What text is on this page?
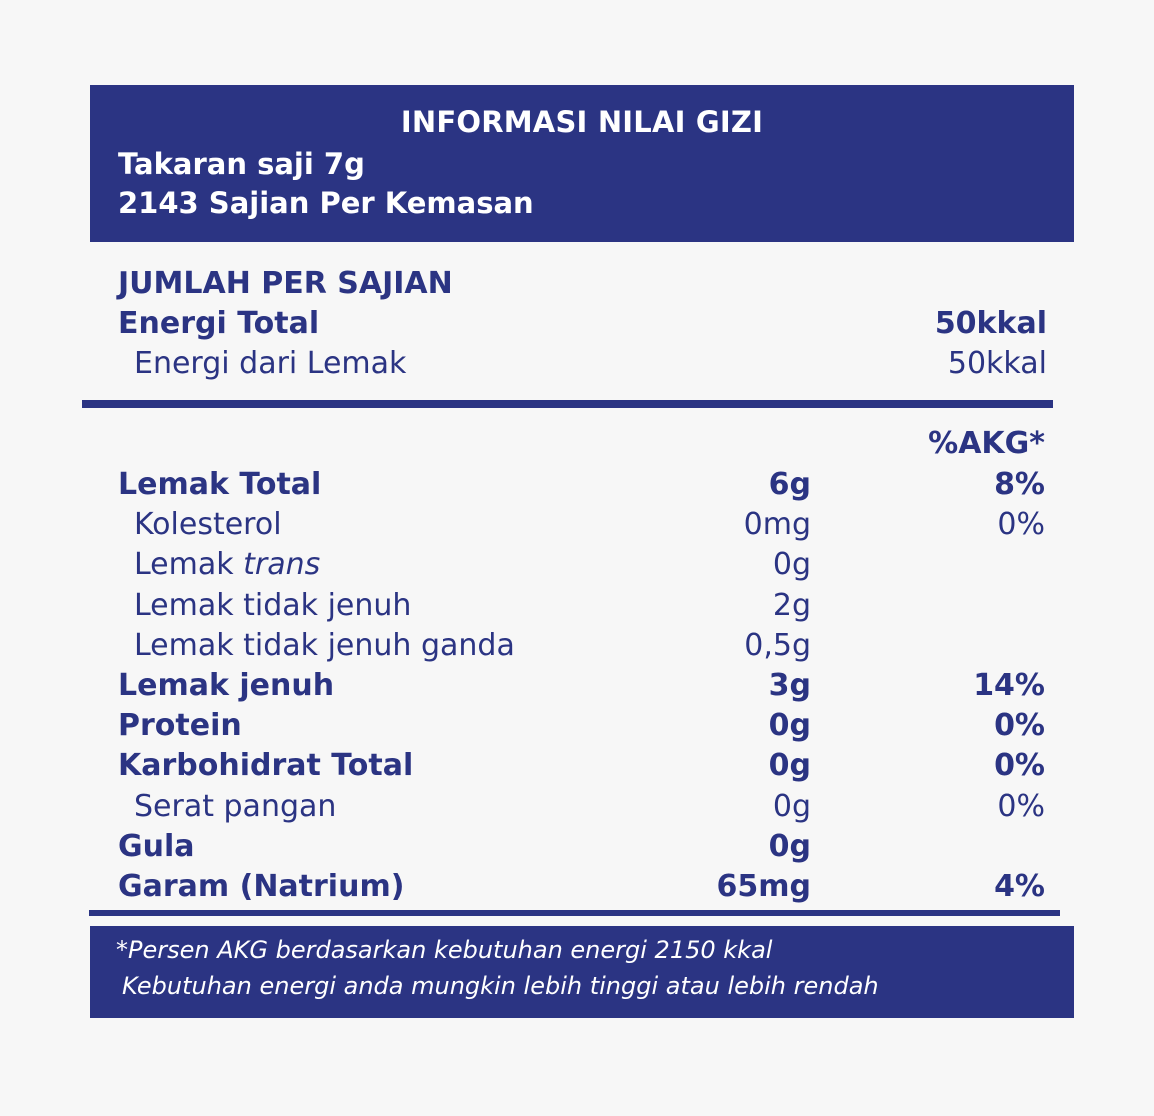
INFORMASI NILAI GIZI
Takaran saji 7g
2143 Sajian Per Kemasan
JUMLAH PER SAJIAN
Energi Total	50kkal
Energi dari Lemak	50kkal
%AKG*
Lemak Total	6g	8%
Kolesterol	0mg	0%
Lemak trans	0g
Lemak tidak jenuh	2g
Lemak tidak jenuh ganda	0,5g
Lemak jenuh	3g	14%
Protein	0g	0%
Karbohidrat Total	0g	0%
Serat pangan	0g	0%
Gula	0g
Garam (Natrium)	65mg	4%
*Persen AKG berdasarkan kebutuhan energi 2150 kkal
Kebutuhan energi anda mungkin lebih tinggi atau lebih rendah
